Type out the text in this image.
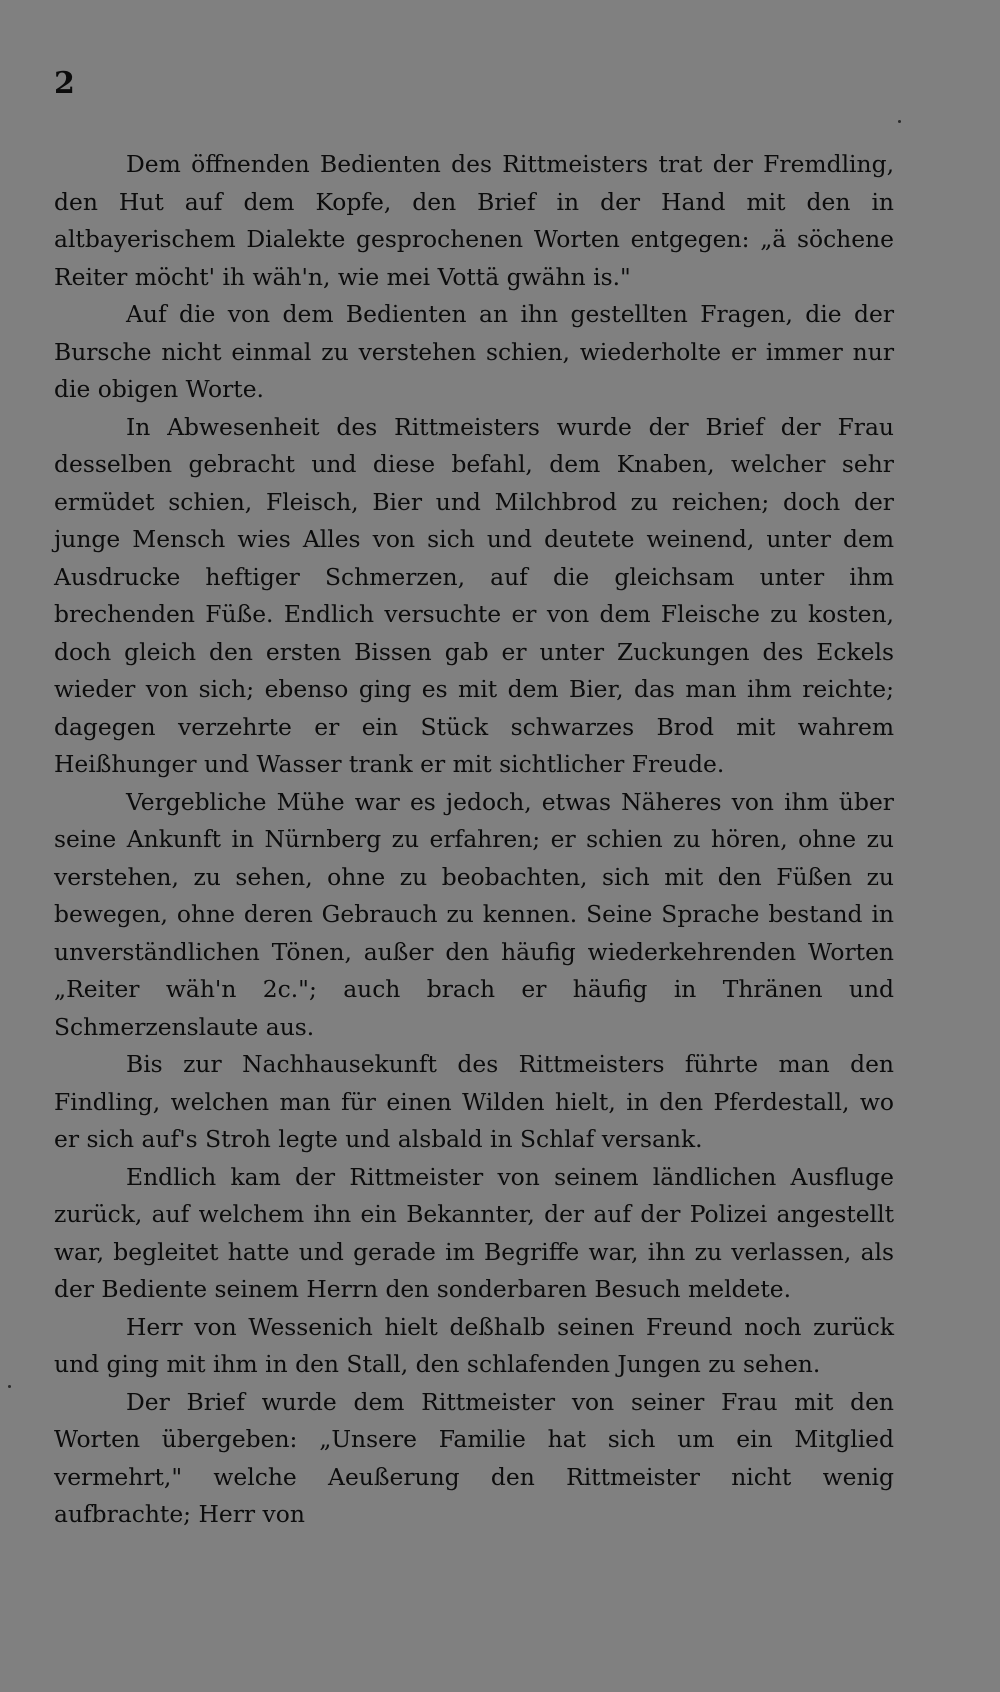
2

Dem öffnenden Bedienten des Rittmeisters trat der Fremdling, den Hut auf dem Kopfe, den Brief in der Hand mit den in altbayerischem Dialekte gesprochenen Worten entgegen: „ä söchene Reiter möcht' ih wäh'n, wie mei Vottä gwähn is."

Auf die von dem Bedienten an ihn gestellten Fragen, die der Bursche nicht einmal zu verstehen schien, wiederholte er immer nur die obigen Worte.

In Abwesenheit des Rittmeisters wurde der Brief der Frau desselben gebracht und diese befahl, dem Knaben, welcher sehr ermüdet schien, Fleisch, Bier und Milchbrod zu reichen; doch der junge Mensch wies Alles von sich und deutete weinend, unter dem Ausdrucke heftiger Schmerzen, auf die gleichsam unter ihm brechenden Füße. Endlich versuchte er von dem Fleische zu kosten, doch gleich den ersten Bissen gab er unter Zuckungen des Eckels wieder von sich; ebenso ging es mit dem Bier, das man ihm reichte; dagegen verzehrte er ein Stück schwarzes Brod mit wahrem Heißhunger und Wasser trank er mit sichtlicher Freude.

Vergebliche Mühe war es jedoch, etwas Näheres von ihm über seine Ankunft in Nürnberg zu erfahren; er schien zu hören, ohne zu verstehen, zu sehen, ohne zu beobachten, sich mit den Füßen zu bewegen, ohne deren Gebrauch zu kennen. Seine Sprache bestand in unverständlichen Tönen, außer den häufig wiederkehrenden Worten „Reiter wäh'n 2c."; auch brach er häufig in Thränen und Schmerzenslaute aus.

Bis zur Nachhausekunft des Rittmeisters führte man den Findling, welchen man für einen Wilden hielt, in den Pferdestall, wo er sich auf's Stroh legte und alsbald in Schlaf versank.

Endlich kam der Rittmeister von seinem ländlichen Ausfluge zurück, auf welchem ihn ein Bekannter, der auf der Polizei angestellt war, begleitet hatte und gerade im Begriffe war, ihn zu verlassen, als der Bediente seinem Herrn den sonderbaren Besuch meldete.

Herr von Wessenich hielt deßhalb seinen Freund noch zurück und ging mit ihm in den Stall, den schlafenden Jungen zu sehen.

Der Brief wurde dem Rittmeister von seiner Frau mit den Worten übergeben: „Unsere Familie hat sich um ein Mitglied vermehrt," welche Aeußerung den Rittmeister nicht wenig aufbrachte; Herr von
